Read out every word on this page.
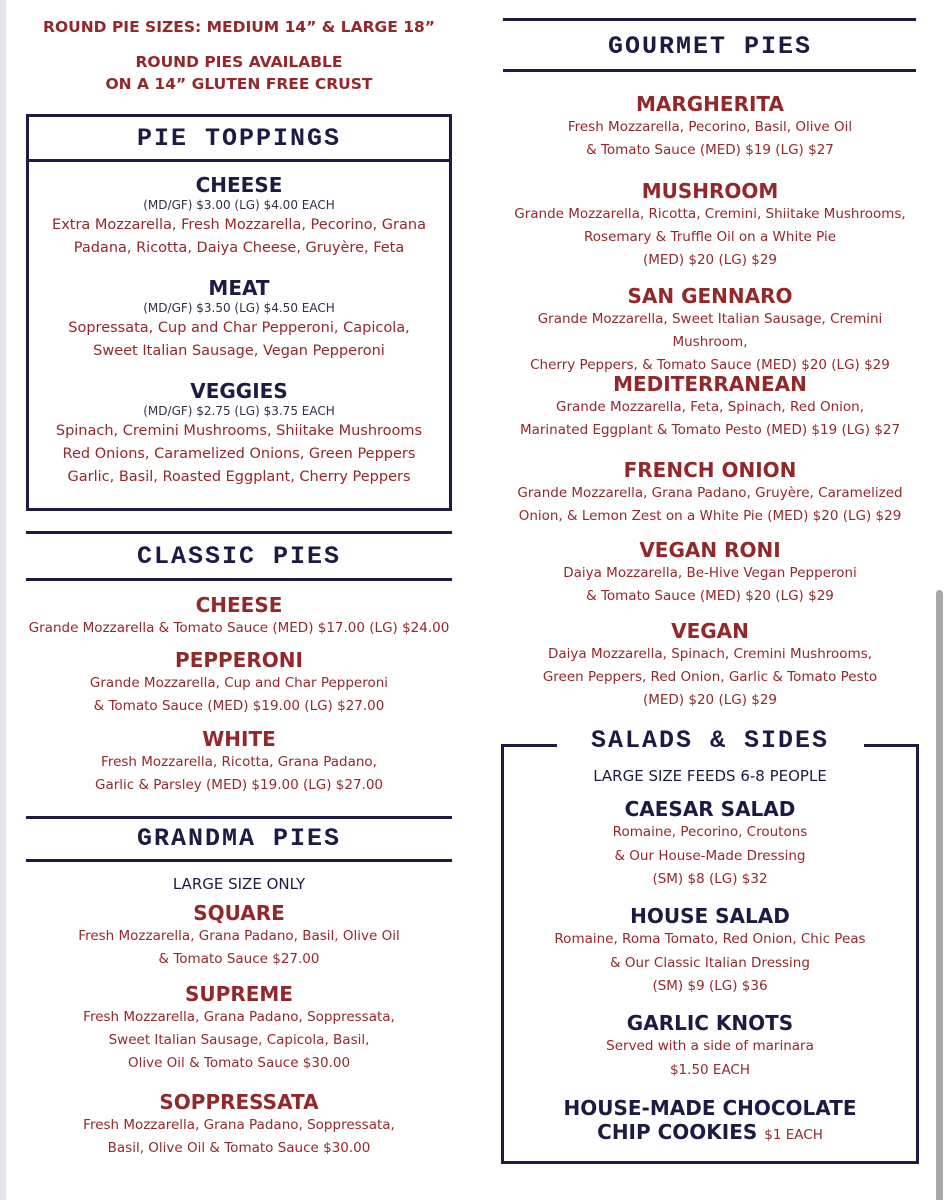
ROUND PIE SIZES: MEDIUM 14” & LARGE 18”
ROUND PIES AVAILABLE
ON A 14” GLUTEN FREE CRUST
PIE TOPPINGS
CHEESE
(MD/GF) $3.00 (LG) $4.00 EACH
Extra Mozzarella, Fresh Mozzarella, Pecorino, Grana
Padana, Ricotta, Daiya Cheese, Gruyère, Feta
MEAT
(MD/GF) $3.50 (LG) $4.50 EACH
Sopressata, Cup and Char Pepperoni, Capicola,
Sweet Italian Sausage, Vegan Pepperoni
VEGGIES
(MD/GF) $2.75 (LG) $3.75 EACH
Spinach, Cremini Mushrooms, Shiitake Mushrooms
Red Onions, Caramelized Onions, Green Peppers
Garlic, Basil, Roasted Eggplant, Cherry Peppers
CLASSIC PIES
CHEESE
Grande Mozzarella & Tomato Sauce (MED) $17.00 (LG) $24.00
PEPPERONI
Grande Mozzarella, Cup and Char Pepperoni
& Tomato Sauce (MED) $19.00 (LG) $27.00
WHITE
Fresh Mozzarella, Ricotta, Grana Padano,
Garlic & Parsley (MED) $19.00 (LG) $27.00
GRANDMA PIES
LARGE SIZE ONLY
SQUARE
Fresh Mozzarella, Grana Padano, Basil, Olive Oil
& Tomato Sauce $27.00
SUPREME
Fresh Mozzarella, Grana Padano, Soppressata,
Sweet Italian Sausage, Capicola, Basil,
Olive Oil & Tomato Sauce $30.00
SOPPRESSATA
Fresh Mozzarella, Grana Padano, Soppressata,
Basil, Olive Oil & Tomato Sauce $30.00
GOURMET PIES
MARGHERITA
Fresh Mozzarella, Pecorino, Basil, Olive Oil
& Tomato Sauce (MED) $19 (LG) $27
MUSHROOM
Grande Mozzarella, Ricotta, Cremini, Shiitake Mushrooms,
Rosemary & Truffle Oil on a White Pie
(MED) $20 (LG) $29
SAN GENNARO
Grande Mozzarella, Sweet Italian Sausage, Cremini Mushroom,
Cherry Peppers, & Tomato Sauce (MED) $20 (LG) $29
MEDITERRANEAN
Grande Mozzarella, Feta, Spinach, Red Onion,
Marinated Eggplant & Tomato Pesto (MED) $19 (LG) $27
FRENCH ONION
Grande Mozzarella, Grana Padano, Gruyère, Caramelized
Onion, & Lemon Zest on a White Pie (MED) $20 (LG) $29
VEGAN RONI
Daiya Mozzarella, Be-Hive Vegan Pepperoni
& Tomato Sauce (MED) $20 (LG) $29
VEGAN
Daiya Mozzarella, Spinach, Cremini Mushrooms,
Green Peppers, Red Onion, Garlic & Tomato Pesto
(MED) $20 (LG) $29
SALADS & SIDES
LARGE SIZE FEEDS 6-8 PEOPLE
CAESAR SALAD
Romaine, Pecorino, Croutons
& Our House-Made Dressing
(SM) $8 (LG) $32
HOUSE SALAD
Romaine, Roma Tomato, Red Onion, Chic Peas
& Our Classic Italian Dressing
(SM) $9 (LG) $36
GARLIC KNOTS
Served with a side of marinara
$1.50 EACH
HOUSE-MADE CHOCOLATE
CHIP COOKIES $1 EACH
